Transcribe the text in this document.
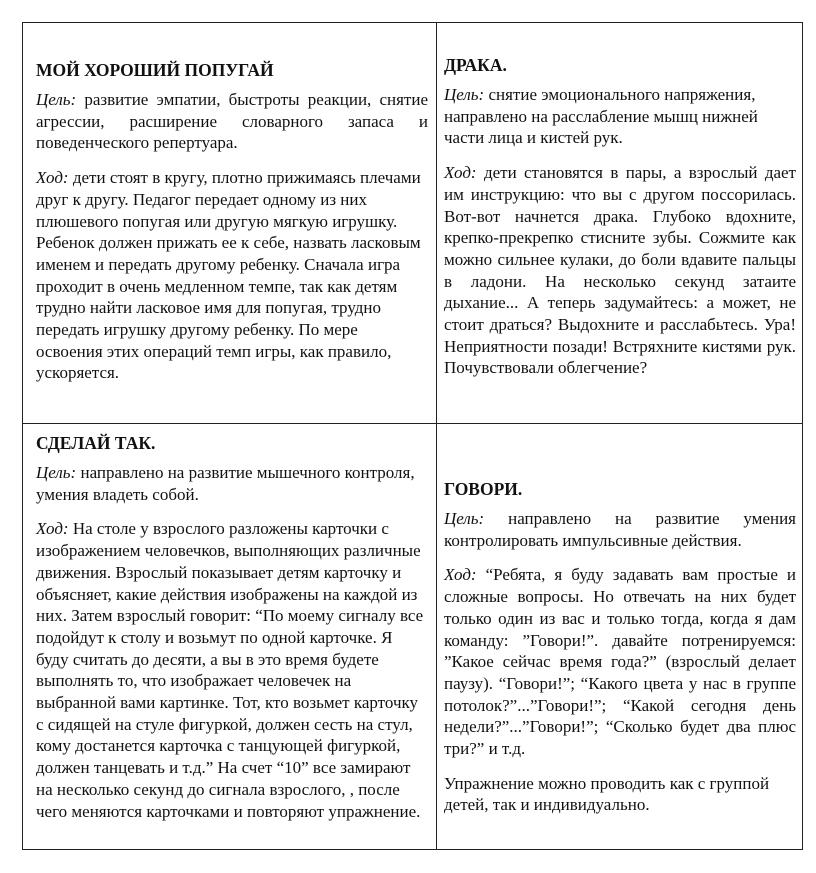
МОЙ ХОРОШИЙ ПОПУГАЙ

Цель: развитие эмпатии, быстроты реакции, снятие агрессии, расширение словарного запаса и поведенческого репертуара.

Ход: дети стоят в кругу, плотно прижимаясь плечами друг к другу. Педагог передает одному из них плюшевого попугая или другую мягкую игрушку. Ребенок должен прижать ее к себе, назвать ласковым именем и передать другому ребенку. Сначала игра проходит в очень медленном темпе, так как детям трудно найти ласковое имя для попугая, трудно передать игрушку другому ребенку. По мере освоения этих операций темп игры, как правило, ускоряется.

ДРАКА.

Цель: снятие эмоционального напряжения, направлено на расслабление мышц нижней части лица и кистей рук.

Ход: дети становятся в пары, а взрослый дает им инструкцию: что вы с другом поссорилась. Вот-вот начнется драка. Глубоко вдохните, крепко-прекрепко стисните зубы. Сожмите как можно сильнее кулаки, до боли вдавите пальцы в ладони. На несколько секунд затаите дыхание... А теперь задумайтесь: а может, не стоит драться? Выдохните и расслабьтесь. Ура! Неприятности позади! Встряхните кистями рук. Почувствовали облегчение?

СДЕЛАЙ ТАК.

Цель: направлено на развитие мышечного контроля, умения владеть собой.

Ход: На столе у взрослого разложены карточки с изображением человечков, выполняющих различные движения. Взрослый показывает детям карточку и объясняет, какие действия изображены на каждой из них. Затем взрослый говорит: “По моему сигналу все подойдут к столу и возьмут по одной карточке. Я буду считать до десяти, а вы в это время будете выполнять то, что изображает человечек на выбранной вами картинке. Тот, кто возьмет карточку с сидящей на стуле фигуркой, должен сесть на стул, кому достанется карточка с танцующей фигуркой, должен танцевать и т.д.” На счет “10” все замирают на несколько секунд до сигнала взрослого, , после чего меняются карточками и повторяют упражнение.

ГОВОРИ.

Цель: направлено на развитие умения контролировать импульсивные действия.

Ход: “Ребята, я буду задавать вам простые и сложные вопросы. Но отвечать на них будет только один из вас и только тогда, когда я дам команду: ”Говори!”. давайте потренируемся: ”Какое сейчас время года?” (взрослый делает паузу). “Говори!”; “Какого цвета у нас в группе потолок?”...”Говори!”; “Какой сегодня день недели?”...”Говори!”; “Сколько будет два плюс три?” и т.д.

Упражнение можно проводить как с группой детей, так и индивидуально.
